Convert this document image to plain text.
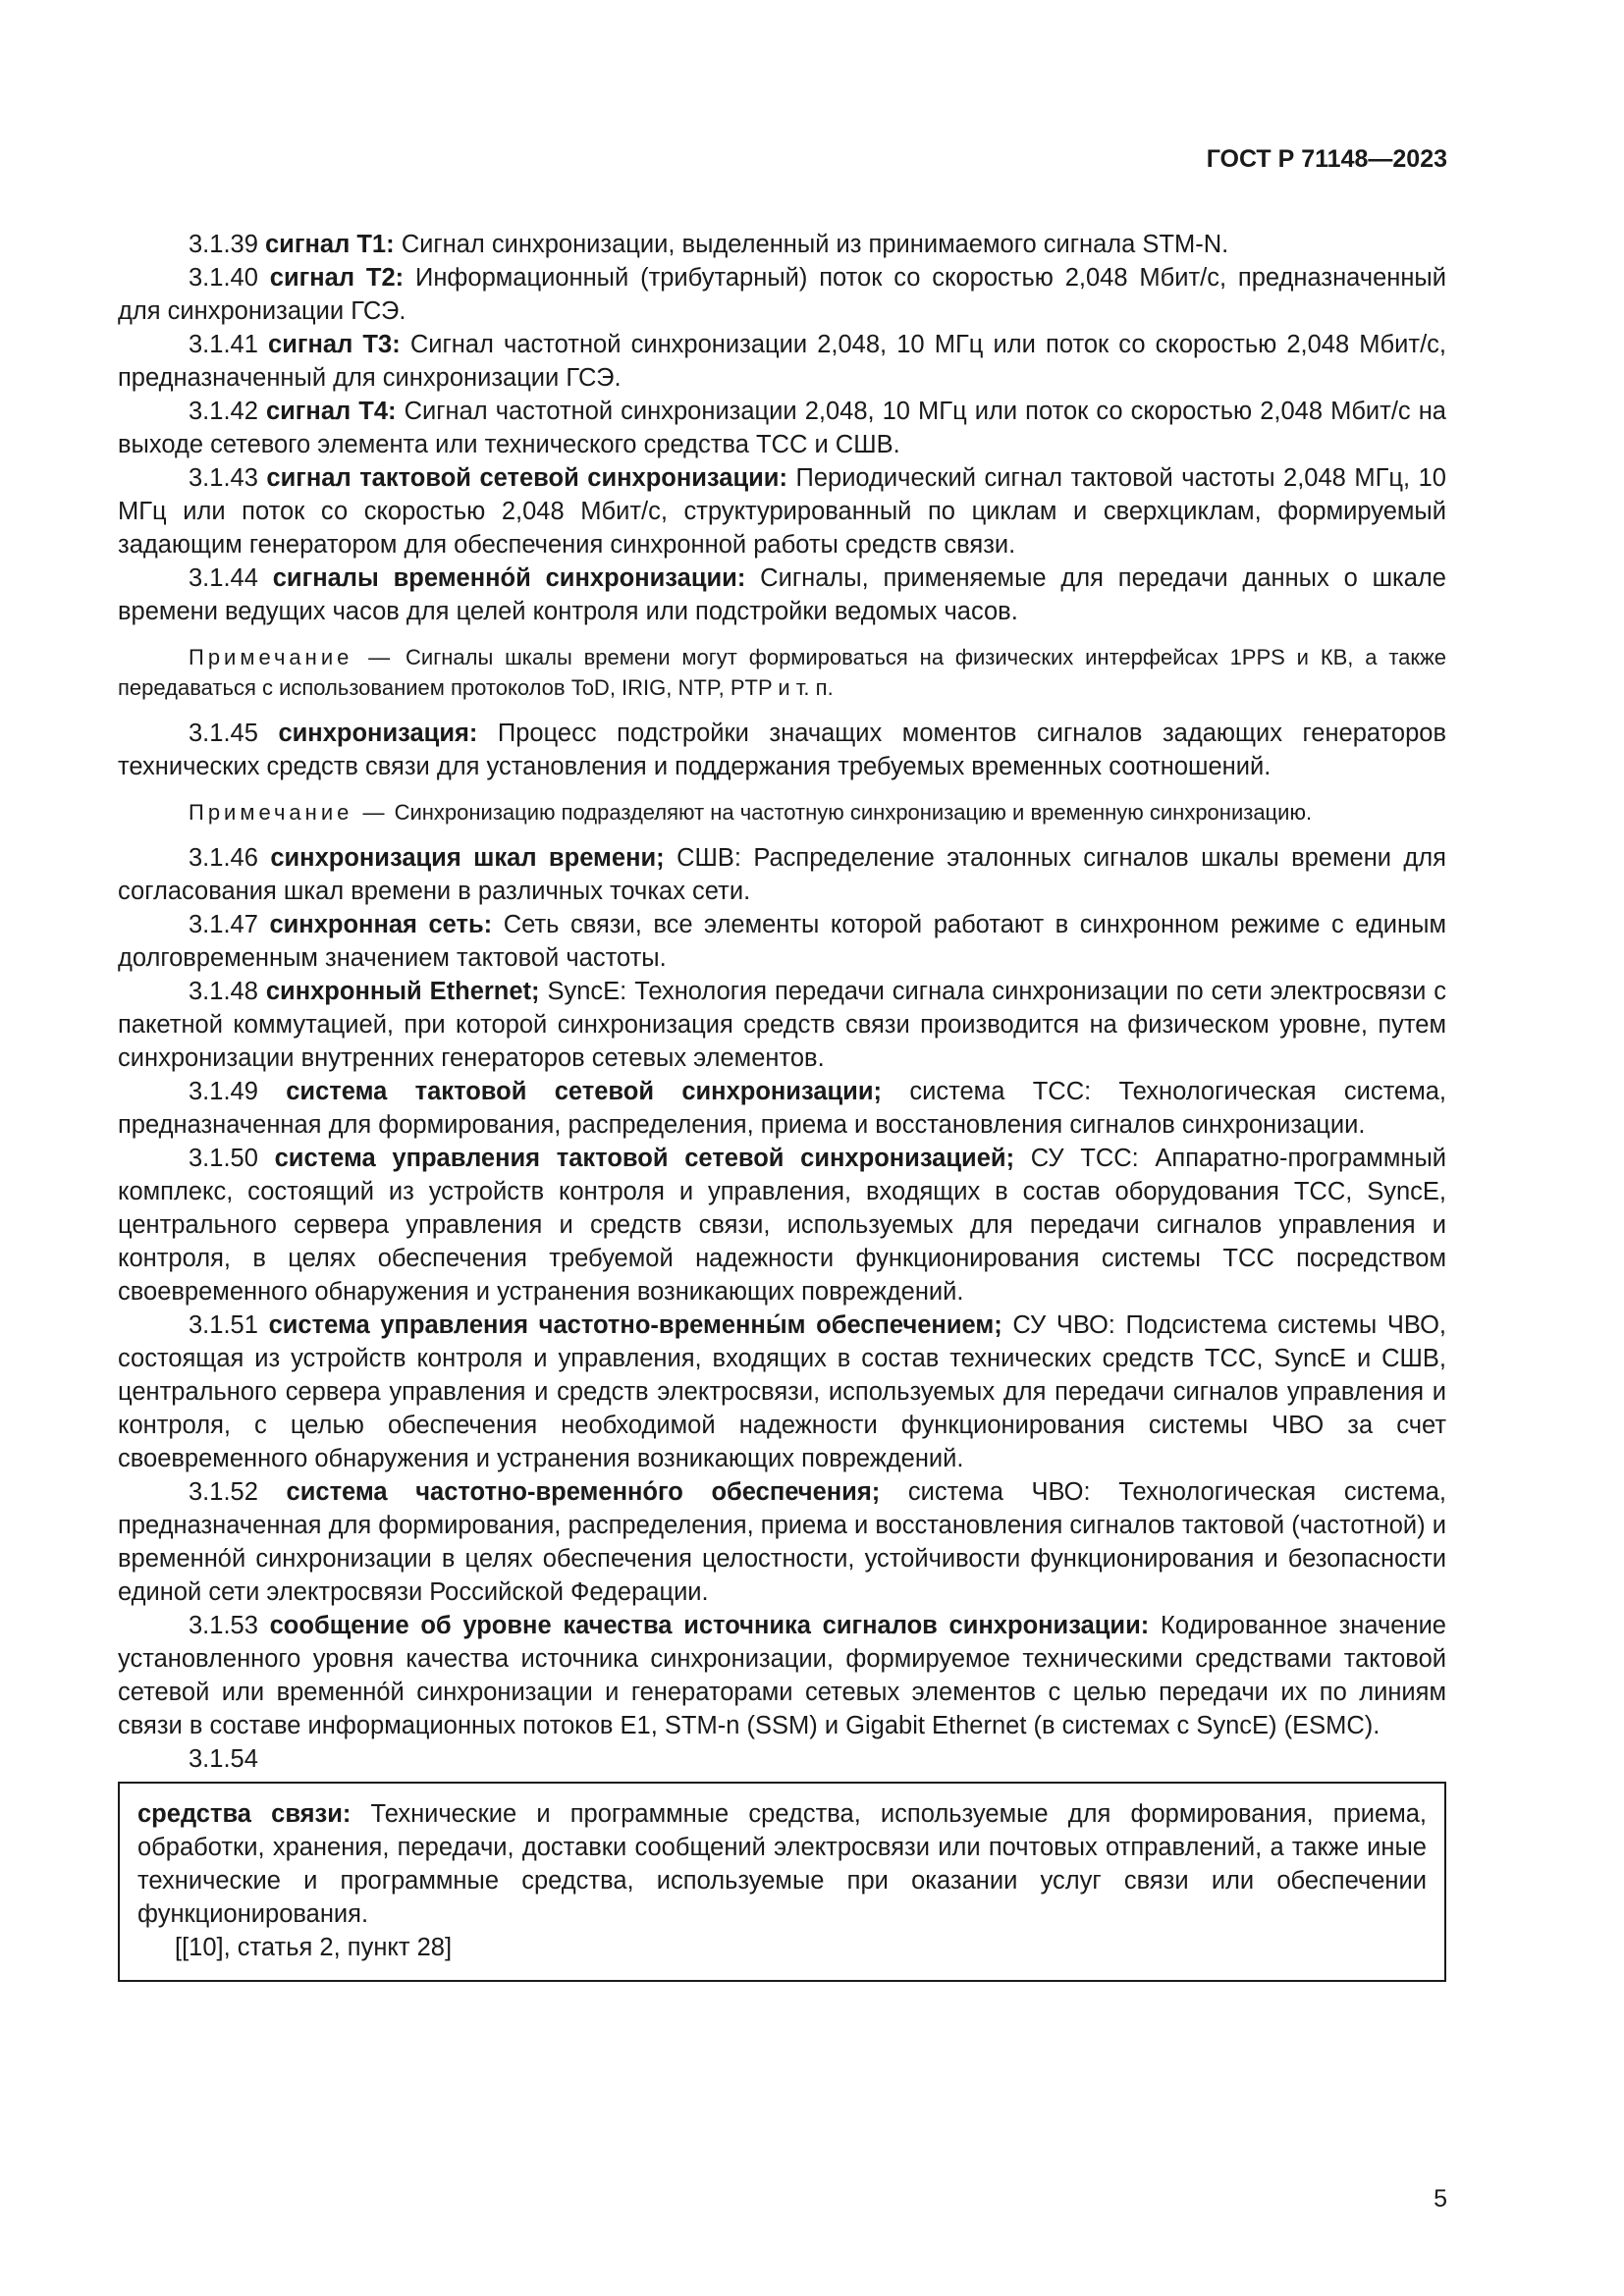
ГОСТ Р 71148—2023

3.1.39 сигнал Т1: Сигнал синхронизации, выделенный из принимаемого сигнала STM-N.

3.1.40 сигнал Т2: Информационный (трибутарный) поток со скоростью 2,048 Мбит/с, предназначенный для синхронизации ГСЭ.

3.1.41 сигнал Т3: Сигнал частотной синхронизации 2,048, 10 МГц или поток со скоростью 2,048 Мбит/с, предназначенный для синхронизации ГСЭ.

3.1.42 сигнал Т4: Сигнал частотной синхронизации 2,048, 10 МГц или поток со скоростью 2,048 Мбит/с на выходе сетевого элемента или технического средства ТСС и СШВ.

3.1.43 сигнал тактовой сетевой синхронизации: Периодический сигнал тактовой частоты 2,048 МГц, 10 МГц или поток со скоростью 2,048 Мбит/с, структурированный по циклам и сверхциклам, формируемый задающим генератором для обеспечения синхронной работы средств связи.

3.1.44 сигналы временно́й синхронизации: Сигналы, применяемые для передачи данных о шкале времени ведущих часов для целей контроля или подстройки ведомых часов.

Примечание — Сигналы шкалы времени могут формироваться на физических интерфейсах 1PPS и КВ, а также передаваться с использованием протоколов ToD, IRIG, NTP, PTP и т. п.

3.1.45 синхронизация: Процесс подстройки значащих моментов сигналов задающих генераторов технических средств связи для установления и поддержания требуемых временных соотношений.

Примечание — Синхронизацию подразделяют на частотную синхронизацию и временную синхронизацию.

3.1.46 синхронизация шкал времени; СШВ: Распределение эталонных сигналов шкалы времени для согласования шкал времени в различных точках сети.

3.1.47 синхронная сеть: Сеть связи, все элементы которой работают в синхронном режиме с единым долговременным значением тактовой частоты.

3.1.48 синхронный Ethernet; SyncE: Технология передачи сигнала синхронизации по сети электросвязи с пакетной коммутацией, при которой синхронизация средств связи производится на физическом уровне, путем синхронизации внутренних генераторов сетевых элементов.

3.1.49 система тактовой сетевой синхронизации; система ТСС: Технологическая система, предназначенная для формирования, распределения, приема и восстановления сигналов синхронизации.

3.1.50 система управления тактовой сетевой синхронизацией; СУ ТСС: Аппаратно-программный комплекс, состоящий из устройств контроля и управления, входящих в состав оборудования ТСС, SyncE, центрального сервера управления и средств связи, используемых для передачи сигналов управления и контроля, в целях обеспечения требуемой надежности функционирования системы ТСС посредством своевременного обнаружения и устранения возникающих повреждений.

3.1.51 система управления частотно-временны́м обеспечением; СУ ЧВО: Подсистема системы ЧВО, состоящая из устройств контроля и управления, входящих в состав технических средств ТСС, SyncE и СШВ, центрального сервера управления и средств электросвязи, используемых для передачи сигналов управления и контроля, с целью обеспечения необходимой надежности функционирования системы ЧВО за счет своевременного обнаружения и устранения возникающих повреждений.

3.1.52 система частотно-временно́го обеспечения; система ЧВО: Технологическая система, предназначенная для формирования, распределения, приема и восстановления сигналов тактовой (частотной) и временно́й синхронизации в целях обеспечения целостности, устойчивости функционирования и безопасности единой сети электросвязи Российской Федерации.

3.1.53 сообщение об уровне качества источника сигналов синхронизации: Кодированное значение установленного уровня качества источника синхронизации, формируемое техническими средствами тактовой сетевой или временно́й синхронизации и генераторами сетевых элементов с целью передачи их по линиям связи в составе информационных потоков Е1, STM-n (SSM) и Gigabit Ethernet (в системах с SyncE) (ESMC).

3.1.54

средства связи: Технические и программные средства, используемые для формирования, приема, обработки, хранения, передачи, доставки сообщений электросвязи или почтовых отправлений, а также иные технические и программные средства, используемые при оказании услуг связи или обеспечении функционирования.

[[10], статья 2, пункт 28]

5
